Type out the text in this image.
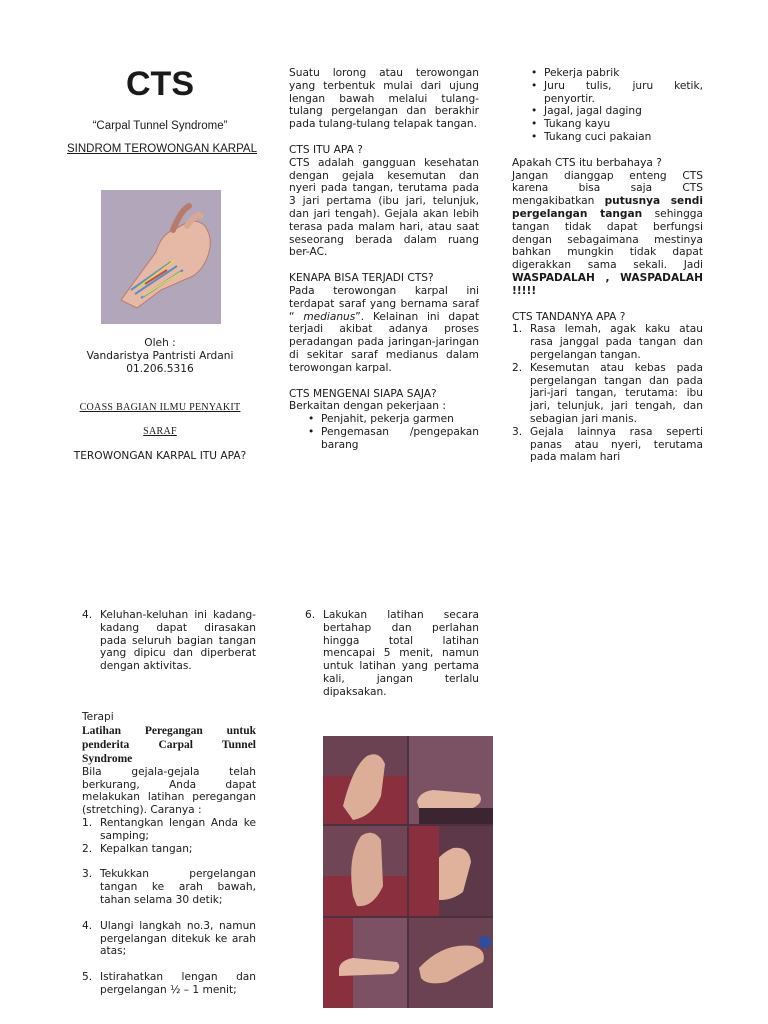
CTS
“Carpal Tunnel Syndrome”
SINDROM TEROWONGAN KARPAL
Oleh :
Vandaristya Pantristi Ardani
01.206.5316
COASS BAGIAN ILMU PENYAKIT
SARAF
TEROWONGAN KARPAL ITU APA?
Suatu lorong atau terowongan yang terbentuk mulai dari ujung lengan bawah melalui tulang-tulang pergelangan dan berakhir pada tulang-tulang telapak tangan.
CTS ITU APA ?
CTS adalah gangguan kesehatan dengan gejala kesemutan dan nyeri pada tangan, terutama pada 3 jari pertama (ibu jari, telunjuk, dan jari tengah). Gejala akan lebih terasa pada malam hari, atau saat seseorang berada dalam ruang ber-AC.
KENAPA BISA TERJADI CTS?
Pada terowongan karpal ini terdapat saraf yang bernama saraf “ medianus”. Kelainan ini dapat terjadi akibat adanya proses peradangan pada jaringan-jaringan di sekitar saraf medianus dalam terowongan karpal.
CTS MENGENAI SIAPA SAJA?
Berkaitan dengan pekerjaan :
• Penjahit, pekerja garmen
• Pengemasan /pengepakan barang
• Pekerja pabrik
• Juru tulis, juru ketik, penyortir.
• Jagal, jagal daging
• Tukang kayu
• Tukang cuci pakaian
Apakah CTS itu berbahaya ?
Jangan dianggap enteng CTS karena bisa saja CTS mengakibatkan putusnya sendi pergelangan tangan sehingga tangan tidak dapat berfungsi dengan sebagaimana mestinya bahkan mungkin tidak dapat digerakkan sama sekali. Jadi WASPADALAH , WASPADALAH !!!!!
CTS TANDANYA APA ?
1. Rasa lemah, agak kaku atau rasa janggal pada tangan dan pergelangan tangan.
2. Kesemutan atau kebas pada pergelangan tangan dan pada jari-jari tangan, terutama: ibu jari, telunjuk, jari tengah, dan sebagian jari manis.
3. Gejala lainnya rasa seperti panas atau nyeri, terutama pada malam hari
4. Keluhan-keluhan ini kadang-kadang dapat dirasakan pada seluruh bagian tangan yang dipicu dan diperberat dengan aktivitas.
Terapi
Latihan Peregangan untuk penderita Carpal Tunnel Syndrome
Bila gejala-gejala telah berkurang, Anda dapat melakukan latihan peregangan (stretching). Caranya :
1. Rentangkan lengan Anda ke samping;
2. Kepalkan tangan;
3. Tekukkan pergelangan tangan ke arah bawah, tahan selama 30 detik;
4. Ulangi langkah no.3, namun pergelangan ditekuk ke arah atas;
5. Istirahatkan lengan dan pergelangan ½ – 1 menit;
6. Lakukan latihan secara bertahap dan perlahan hingga total latihan mencapai 5 menit, namun untuk latihan yang pertama kali, jangan terlalu dipaksakan.
